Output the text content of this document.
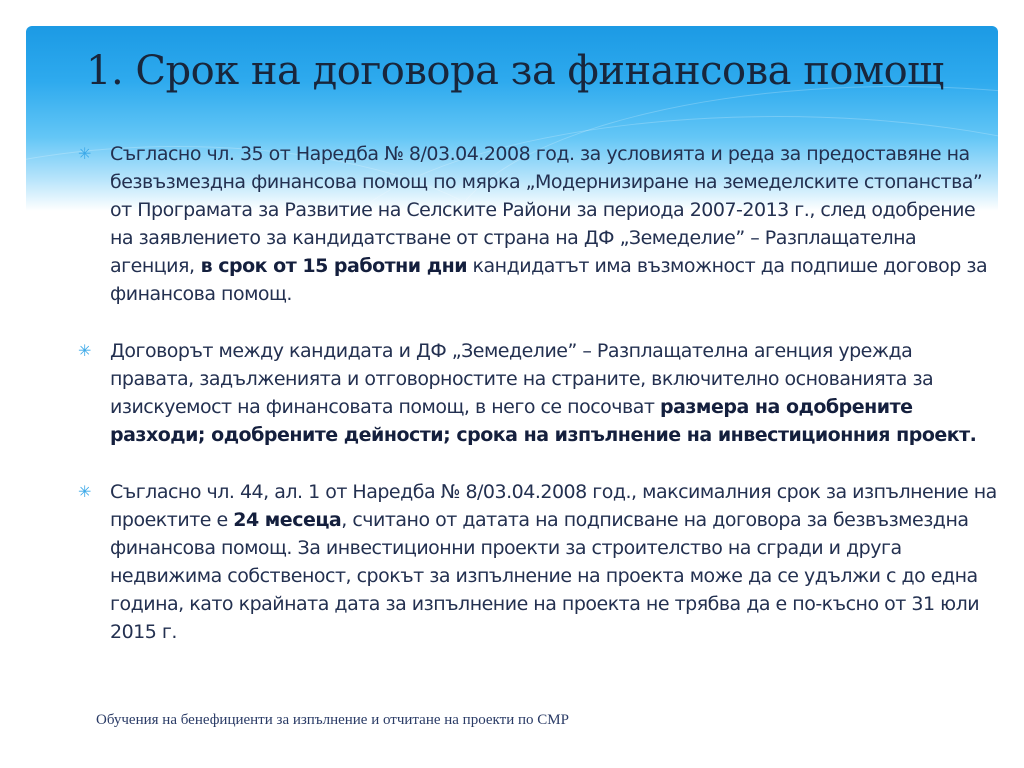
1. Срок на договора за финансова помощ
✳ Съгласно чл. 35 от Наредба № 8/03.04.2008 год. за условията и реда за предоставяне на безвъзмездна финансова помощ по мярка „Модернизиране на земеделските стопанства” от Програмата за Развитие на Селските Райони за периода 2007-2013 г., след одобрение на заявлението за кандидатстване от страна на ДФ „Земеделие” – Разплащателна агенция, в срок от 15 работни дни кандидатът има възможност да подпише договор за финансова помощ.
✳ Договорът между кандидата и ДФ „Земеделие” – Разплащателна агенция урежда правата, задълженията и отговорностите на страните, включително основанията за изискуемост на финансовата помощ, в него се посочват размера на одобрените разходи; одобрените дейности; срока на изпълнение на инвестиционния проект.
✳ Съгласно чл. 44, ал. 1 от Наредба № 8/03.04.2008 год., максималния срок за изпълнение на проектите е 24 месеца, считано от датата на подписване на договора за безвъзмездна финансова помощ. За инвестиционни проекти за строителство на сгради и друга недвижима собственост, срокът за изпълнение на проекта може да се удължи с до една година, като крайната дата за изпълнение на проекта не трябва да е по-късно от 31 юли 2015 г.
Обучения на бенефициенти за изпълнение и отчитане на проекти по СМР
